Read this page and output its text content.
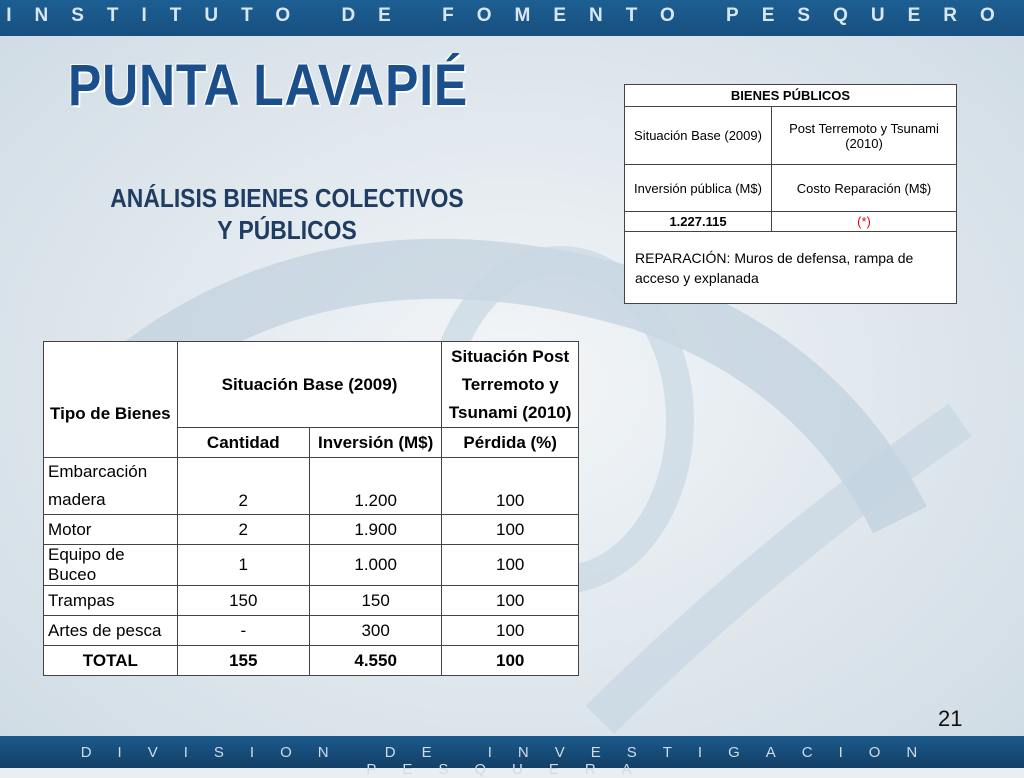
INSTITUTO DE FOMENTO PESQUERO
PUNTA LAVAPIÉ
ANÁLISIS BIENES COLECTIVOS Y PÚBLICOS
BIENES PÚBLICOS	
Situación Base (2009)	Post Terremoto y Tsunami (2010)
Inversión pública (M$)	Costo Reparación (M$)
1.227.115	(*)
REPARACIÓN: Muros de defensa, rampa de acceso y explanada	
Tipo de Bienes	Situación Base (2009)		Situación Post Terremoto y Tsunami (2010)
	Cantidad	Inversión (M$)	Pérdida (%)
Embarcación madera	2	1.200	100
Motor	2	1.900	100
Equipo de Buceo	1	1.000	100
Trampas	150	150	100
Artes de pesca	-	300	100
TOTAL	155	4.550	100
21
DIVISION DE INVESTIGACION PESQUERA
